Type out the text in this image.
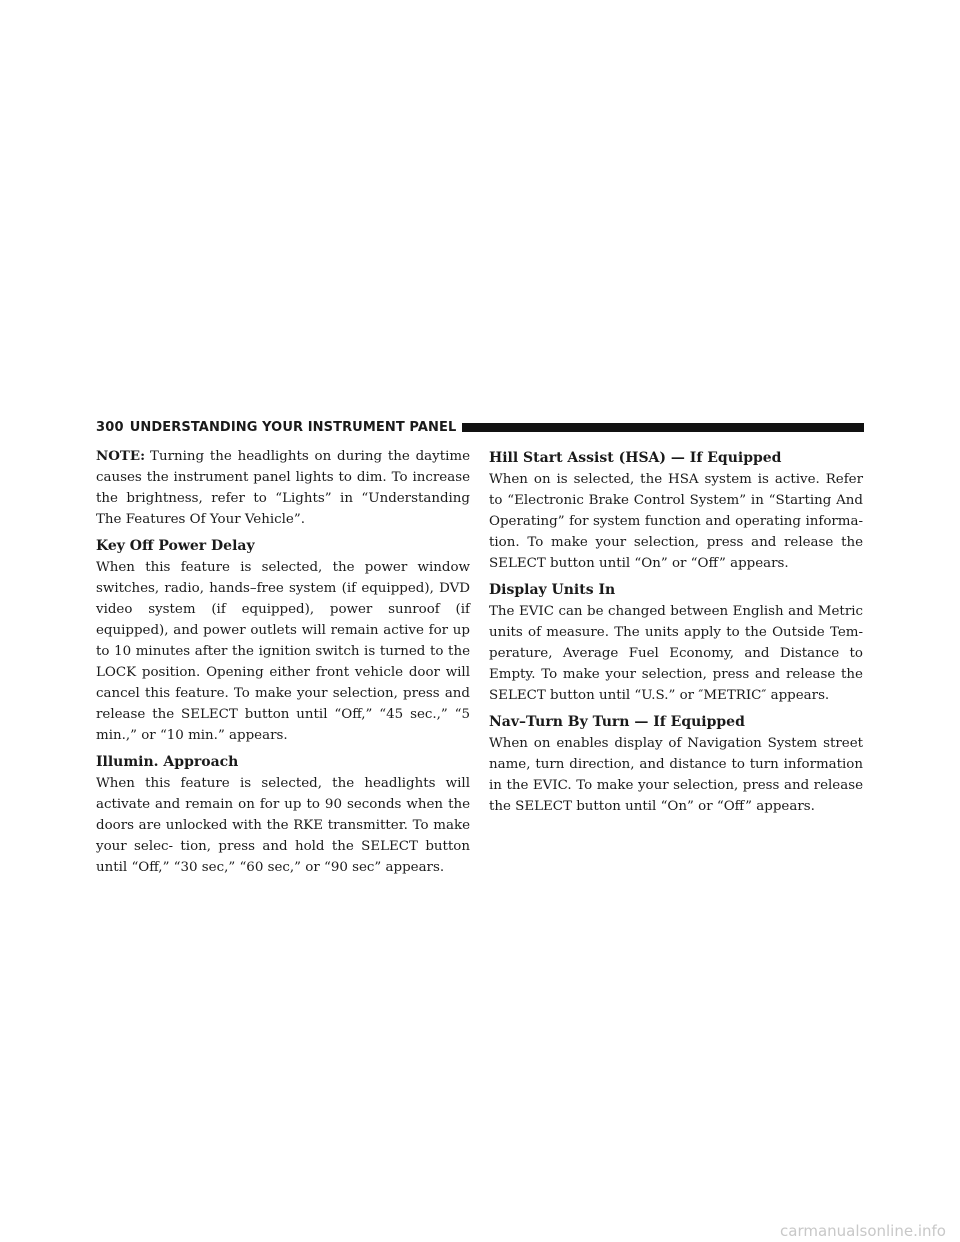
300 UNDERSTANDING YOUR INSTRUMENT PANEL

NOTE: Turning the headlights on during the daytime causes the instrument panel lights to dim. To increase the brightness, refer to “Lights” in “Understanding The Features Of Your Vehicle”.

Key Off Power Delay

When this feature is selected, the power window switches, radio, hands–free system (if equipped), DVD video system (if equipped), power sunroof (if equipped), and power outlets will remain active for up to 10 minutes after the ignition switch is turned to the LOCK position. Opening either front vehicle door will cancel this feature. To make your selection, press and release the SELECT button until “Off,” “45 sec.,” “5 min.,” or “10 min.” appears.

Illumin. Approach

When this feature is selected, the headlights will activate and remain on for up to 90 seconds when the doors are unlocked with the RKE transmitter. To make your selec- tion, press and hold the SELECT button until “Off,” “30 sec,” “60 sec,” or “90 sec” appears.

Hill Start Assist (HSA) — If Equipped

When on is selected, the HSA system is active. Refer to “Electronic Brake Control System” in “Starting And Operating” for system function and operating informa- tion. To make your selection, press and release the SELECT button until “On” or “Off” appears.

Display Units In

The EVIC can be changed between English and Metric units of measure. The units apply to the Outside Tem- perature, Average Fuel Economy, and Distance to Empty. To make your selection, press and release the SELECT button until “U.S.” or ″METRIC″ appears.

Nav–Turn By Turn — If Equipped

When on enables display of Navigation System street name, turn direction, and distance to turn information in the EVIC. To make your selection, press and release the SELECT button until “On” or “Off” appears.

carmanualsonline.info
